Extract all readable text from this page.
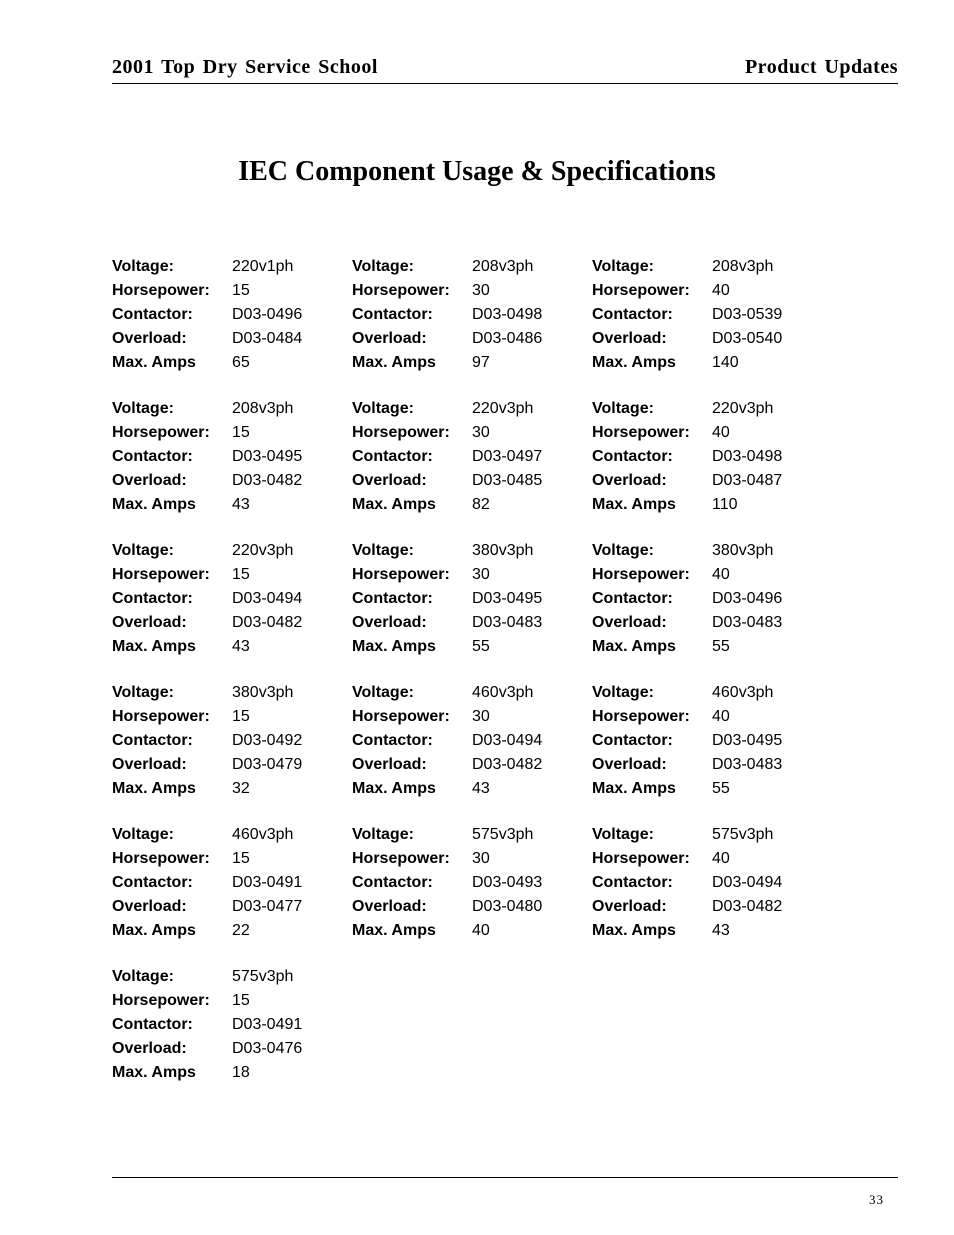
2001 Top Dry Service School	Product Updates
IEC Component Usage & Specifications
Voltage:	220v1ph
Horsepower: 15
Contactor: D03-0496
Overload:	D03-0484
Max. Amps 65
Voltage:	208v3ph
Horsepower: 30
Contactor: D03-0498
Overload:	D03-0486
Max. Amps 97
Voltage:	208v3ph
Horsepower: 40
Contactor: D03-0539
Overload:	D03-0540
Max. Amps 140
Voltage:	208v3ph
Horsepower: 15
Contactor: D03-0495
Overload:	D03-0482
Max. Amps 43
Voltage:	220v3ph
Horsepower: 30
Contactor: D03-0497
Overload:	D03-0485
Max. Amps 82
Voltage:	220v3ph
Horsepower: 40
Contactor: D03-0498
Overload:	D03-0487
Max. Amps 110
Voltage:	220v3ph
Horsepower: 15
Contactor: D03-0494
Overload:	D03-0482
Max. Amps 43
Voltage:	380v3ph
Horsepower: 30
Contactor: D03-0495
Overload:	D03-0483
Max. Amps 55
Voltage:	380v3ph
Horsepower: 40
Contactor: D03-0496
Overload:	D03-0483
Max. Amps 55
Voltage:	380v3ph
Horsepower: 15
Contactor: D03-0492
Overload:	D03-0479
Max. Amps 32
Voltage:	460v3ph
Horsepower: 30
Contactor: D03-0494
Overload:	D03-0482
Max. Amps 43
Voltage:	460v3ph
Horsepower: 40
Contactor: D03-0495
Overload:	D03-0483
Max. Amps 55
Voltage:	460v3ph
Horsepower: 15
Contactor: D03-0491
Overload:	D03-0477
Max. Amps 22
Voltage:	575v3ph
Horsepower: 30
Contactor: D03-0493
Overload:	D03-0480
Max. Amps 40
Voltage:	575v3ph
Horsepower: 40
Contactor: D03-0494
Overload:	D03-0482
Max. Amps 43
Voltage:	575v3ph
Horsepower: 15
Contactor: D03-0491
Overload:	D03-0476
Max. Amps 18
33
